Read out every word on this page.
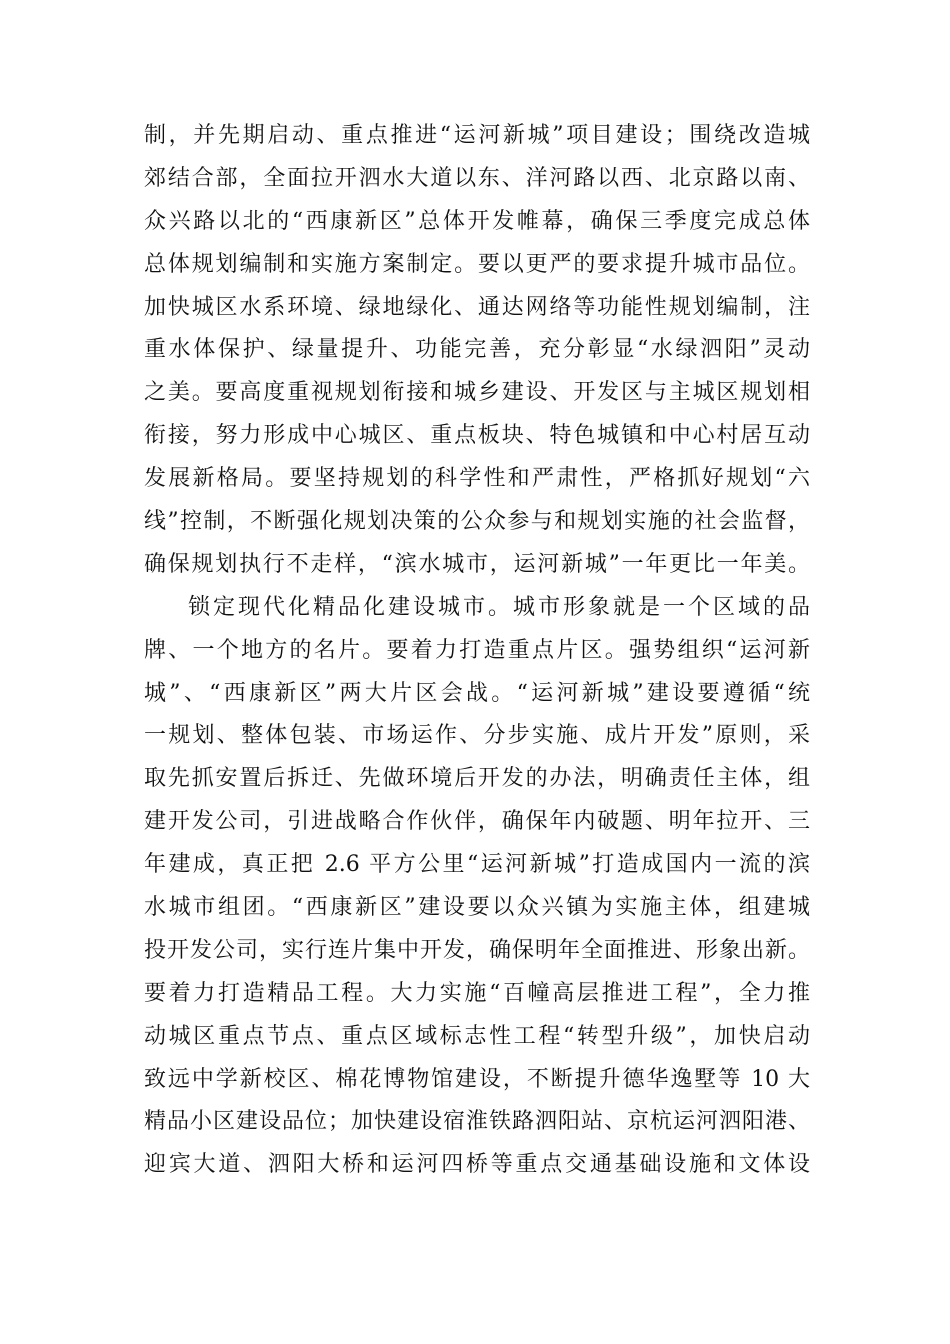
制，并先期启动、重点推进“运河新城”项目建设；围绕改造城
郊结合部，全面拉开泗水大道以东、洋河路以西、北京路以南、
众兴路以北的“西康新区”总体开发帷幕，确保三季度完成总体
总体规划编制和实施方案制定。要以更严的要求提升城市品位。
加快城区水系环境、绿地绿化、通达网络等功能性规划编制，注
重水体保护、绿量提升、功能完善，充分彰显“水绿泗阳”灵动
之美。要高度重视规划衔接和城乡建设、开发区与主城区规划相
衔接，努力形成中心城区、重点板块、特色城镇和中心村居互动
发展新格局。要坚持规划的科学性和严肃性，严格抓好规划“六
线”控制，不断强化规划决策的公众参与和规划实施的社会监督，
确保规划执行不走样，“滨水城市，运河新城”一年更比一年美。
锁定现代化精品化建设城市。城市形象就是一个区域的品
牌、一个地方的名片。要着力打造重点片区。强势组织“运河新
城”、“西康新区”两大片区会战。“运河新城”建设要遵循“统
一规划、整体包装、市场运作、分步实施、成片开发”原则，采
取先抓安置后拆迁、先做环境后开发的办法，明确责任主体，组
建开发公司，引进战略合作伙伴，确保年内破题、明年拉开、三
年建成，真正把 2.6 平方公里“运河新城”打造成国内一流的滨
水城市组团。“西康新区”建设要以众兴镇为实施主体，组建城
投开发公司，实行连片集中开发，确保明年全面推进、形象出新。
要着力打造精品工程。大力实施“百幢高层推进工程”，全力推
动城区重点节点、重点区域标志性工程“转型升级”，加快启动
致远中学新校区、棉花博物馆建设，不断提升德华逸墅等 10 大
精品小区建设品位；加快建设宿淮铁路泗阳站、京杭运河泗阳港、
迎宾大道、泗阳大桥和运河四桥等重点交通基础设施和文体设
